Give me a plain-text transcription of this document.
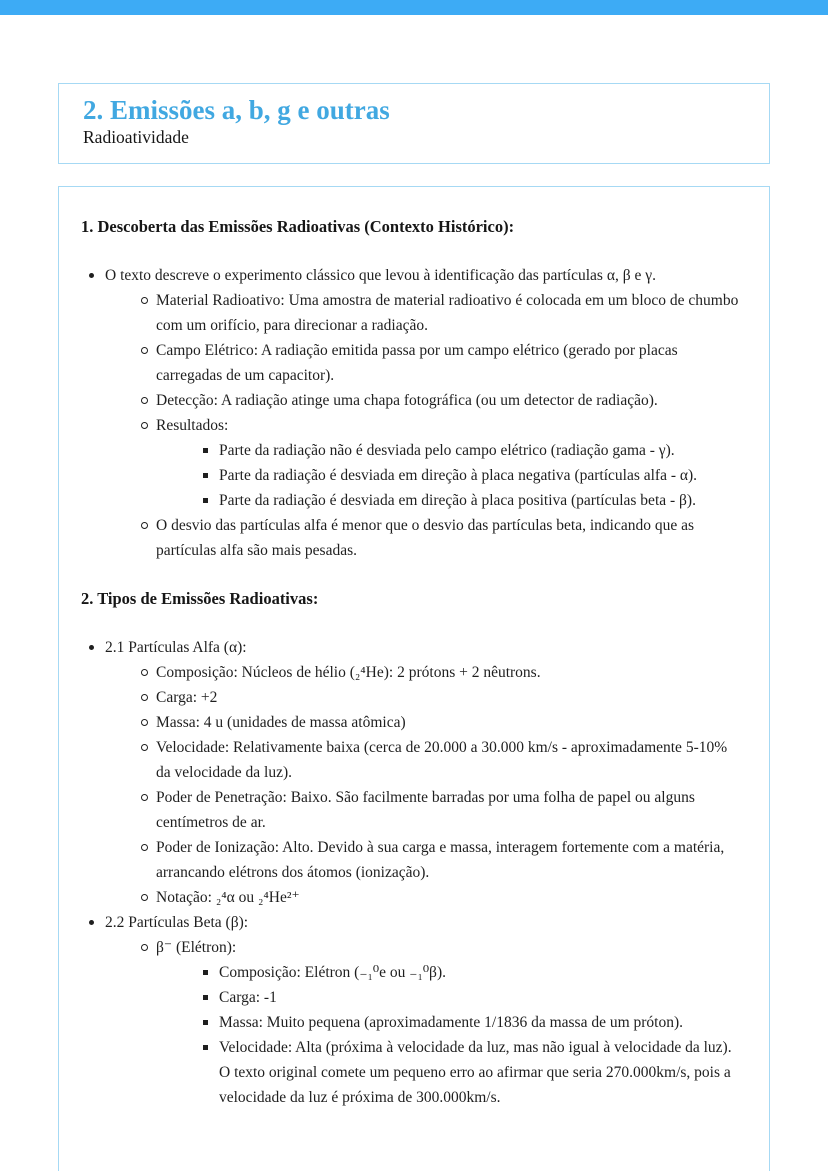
2. Emissões a, b, g e outras
Radioatividade
1. Descoberta das Emissões Radioativas (Contexto Histórico):
O texto descreve o experimento clássico que levou à identificação das partículas α, β e γ.
Material Radioativo: Uma amostra de material radioativo é colocada em um bloco de chumbo com um orifício, para direcionar a radiação.
Campo Elétrico: A radiação emitida passa por um campo elétrico (gerado por placas carregadas de um capacitor).
Detecção: A radiação atinge uma chapa fotográfica (ou um detector de radiação).
Resultados:
Parte da radiação não é desviada pelo campo elétrico (radiação gama - γ).
Parte da radiação é desviada em direção à placa negativa (partículas alfa - α).
Parte da radiação é desviada em direção à placa positiva (partículas beta - β).
O desvio das partículas alfa é menor que o desvio das partículas beta, indicando que as partículas alfa são mais pesadas.
2. Tipos de Emissões Radioativas:
2.1 Partículas Alfa (α):
Composição: Núcleos de hélio (₂⁴He): 2 prótons + 2 nêutrons.
Carga: +2
Massa: 4 u (unidades de massa atômica)
Velocidade: Relativamente baixa (cerca de 20.000 a 30.000 km/s - aproximadamente 5-10% da velocidade da luz).
Poder de Penetração: Baixo. São facilmente barradas por uma folha de papel ou alguns centímetros de ar.
Poder de Ionização: Alto. Devido à sua carga e massa, interagem fortemente com a matéria, arrancando elétrons dos átomos (ionização).
Notação: ₂⁴α ou ₂⁴He²⁺
2.2 Partículas Beta (β):
β⁻ (Elétron):
Composição: Elétron (₋₁⁰e ou ₋₁⁰β).
Carga: -1
Massa: Muito pequena (aproximadamente 1/1836 da massa de um próton).
Velocidade: Alta (próxima à velocidade da luz, mas não igual à velocidade da luz). O texto original comete um pequeno erro ao afirmar que seria 270.000km/s, pois a velocidade da luz é próxima de 300.000km/s.
